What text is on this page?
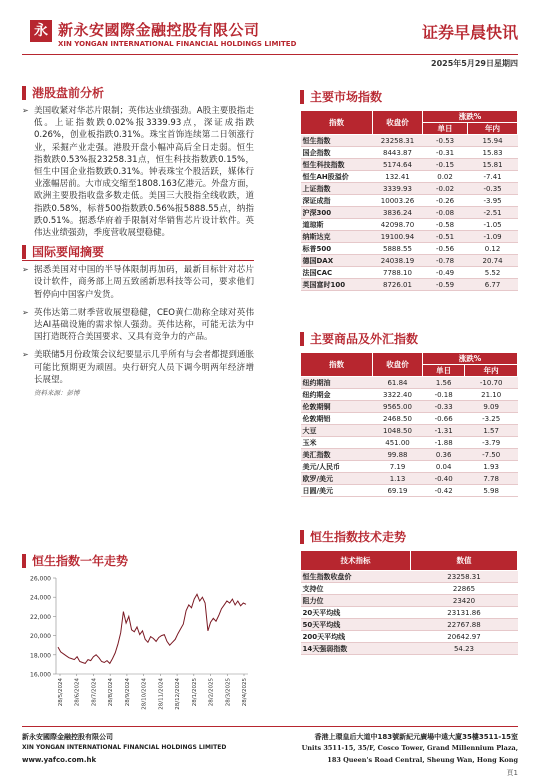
永 新永安國際金融控股有限公司
XIN YONGAN INTERNATIONAL FINANCIAL HOLDINGS LIMITED
证券早晨快讯
2025年5月29日星期四
港股盘前分析
➢ 美国收紧对华芯片限制；英伟达业绩强劲。A股主要股指走低。上证指数跌0.02%报3339.93点，深证成指跌0.26%，创业板指跌0.31%。珠宝首饰连续第二日领涨行业，采掘产业走强。港股开盘小幅冲高后全日走弱。恒生指数跌0.53%报23258.31点，恒生科技指数跌0.15%，恒生中国企业指数跌0.31%。钟表珠宝个股活跃，媒体行业涨幅居前。大市成交缩至1808.163亿港元。外盘方面，欧洲主要股指收盘多数走低。美国三大股指全线收跌，道指跌0.58%，标普500指数跌0.56%报5888.55点，纳指跌0.51%。据悉华府着手限制对华销售芯片设计软件。英伟达业绩强劲，季度营收展望稳健。
国际要闻摘要
➢ 据悉美国对中国的半导体限制再加码，最新目标针对芯片设计软件，商务部上周五致函新思科技等公司，要求他们暂停向中国客户发货。
➢ 英伟达第二财季营收展望稳健，CEO黄仁勋称全球对英伟达AI基础设施的需求惊人强劲。英伟达称，可能无法为中国打造既符合美国要求、又具有竞争力的产品。
➢ 美联储5月份政策会议纪要显示几乎所有与会者都提到通胀可能比预期更为顽固。央行研究人员下调今明两年经济增长展望。
资料来源：彭博
恒生指数一年走势
16,000
18,000
20,000
22,000
24,000
26,000
28/5/2024 28/6/2024 28/7/2024 28/8/2024 28/9/2024 28/10/2024 28/11/2024 28/12/2024 28/1/2025 28/2/2025 28/3/2025 28/4/2025
主要市场指数
指数	收盘价	涨跌%	
		单日	年内
恒生指数	23258.31	-0.53	15.94
国企指数	8443.87	-0.31	15.83
恒生科技指数	5174.64	-0.15	15.81
恒生AH股溢价	132.41	0.02	-7.41
上证指数	3339.93	-0.02	-0.35
深证成指	10003.26	-0.26	-3.95
沪深300	3836.24	-0.08	-2.51
道琼斯	42098.70	-0.58	-1.05
纳斯达克	19100.94	-0.51	-1.09
标普500	5888.55	-0.56	0.12
德国DAX	24038.19	-0.78	20.74
法国CAC	7788.10	-0.49	5.52
英国富时100	8726.01	-0.59	6.77
主要商品及外汇指数
指数	收盘价	涨跌%	
		单日	年内
纽约期油	61.84	1.56	-10.70
纽约期金	3322.40	-0.18	21.10
伦敦期铜	9565.00	-0.33	9.09
伦敦期铝	2468.50	-0.66	-3.25
大豆	1048.50	-1.31	1.57
玉米	451.00	-1.88	-3.79
美汇指数	99.88	0.36	-7.50
美元/人民币	7.19	0.04	1.93
欧罗/美元	1.13	-0.40	7.78
日圆/美元	69.19	-0.42	5.98
恒生指数技术走势
技术指标	数值
恒生指数收盘价	23258.31
支持位	22865
阻力位	23420
20天平均线	23131.86
50天平均线	22767.88
200天平均线	20642.97
14天强弱指数	54.23
新永安國際金融控股有限公司
XIN YONGAN INTERNATIONAL FINANCIAL HOLDINGS LIMITED
www.yafco.com.hk
香港上環皇后大道中183號新紀元廣場中遠大廈35樓3511-15室
Units 3511-15, 35/F, Cosco Tower, Grand Millennium Plaza,
183 Queen's Road Central, Sheung Wan, Hong Kong
頁1
